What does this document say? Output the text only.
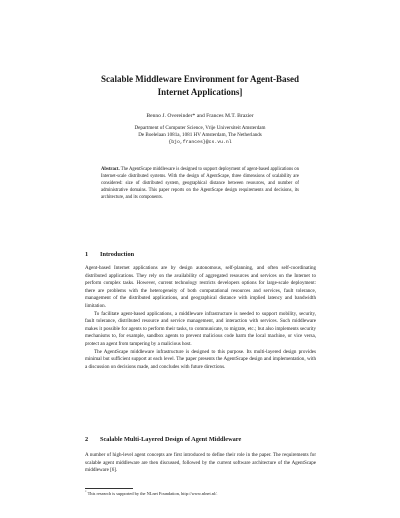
Scalable Middleware Environment for Agent-Based
Internet Applications]
Benno J. Overeinder* and Frances M.T. Brazier
Department of Computer Science, Vrije Universiteit Amsterdam
De Boelelaan 1081a, 1081 HV Amsterdam, The Netherlands
{bjo,frances}@cs.vu.nl
Abstract. The AgentScape middleware is designed to support deployment of agent-based applications on Internet-scale distributed systems. With the design of AgentScape, three dimensions of scalability are considered: size of distributed system, geographical distance between resources, and number of administrative domains. This paper reports on the AgentScape design requirements and decisions, its architecture, and its components.
1 Introduction

Agent-based Internet applications are by design autonomous, self-planning, and often self-coordinating distributed applications. They rely on the availability of aggregated resources and services on the Internet to perform complex tasks. However, current technology restricts developers options for large-scale deployment: there are problems with the heterogeneity of both computational resources and services, fault tolerance, management of the distributed applications, and geographical distance with implied latency and bandwidth limitation.

To facilitate agent-based applications, a middleware infrastructure is needed to support mobility, security, fault tolerance, distributed resource and service management, and interaction with services. Such middleware makes it possible for agents to perform their tasks, to communicate, to migrate, etc.; but also implements security mechanisms to, for example, sandbox agents to prevent malicious code harm the local machine, or vice versa, protect an agent from tampering by a malicious host.

The AgentScape middleware infrastructure is designed to this purpose. Its multi-layered design provides minimal but sufficient support at each level. The paper presents the AgentScape design and implementation, with a discussion on decisions made, and concludes with future directions.

2 Scalable Multi-Layered Design of Agent Middleware

A number of high-level agent concepts are first introduced to define their role in the paper. The requirements for scalable agent middleware are then discussed, followed by the current software architecture of the AgentScape middleware [6].

* This research is supported by the NLnet Foundation, http://www.nlnet.nl/.
